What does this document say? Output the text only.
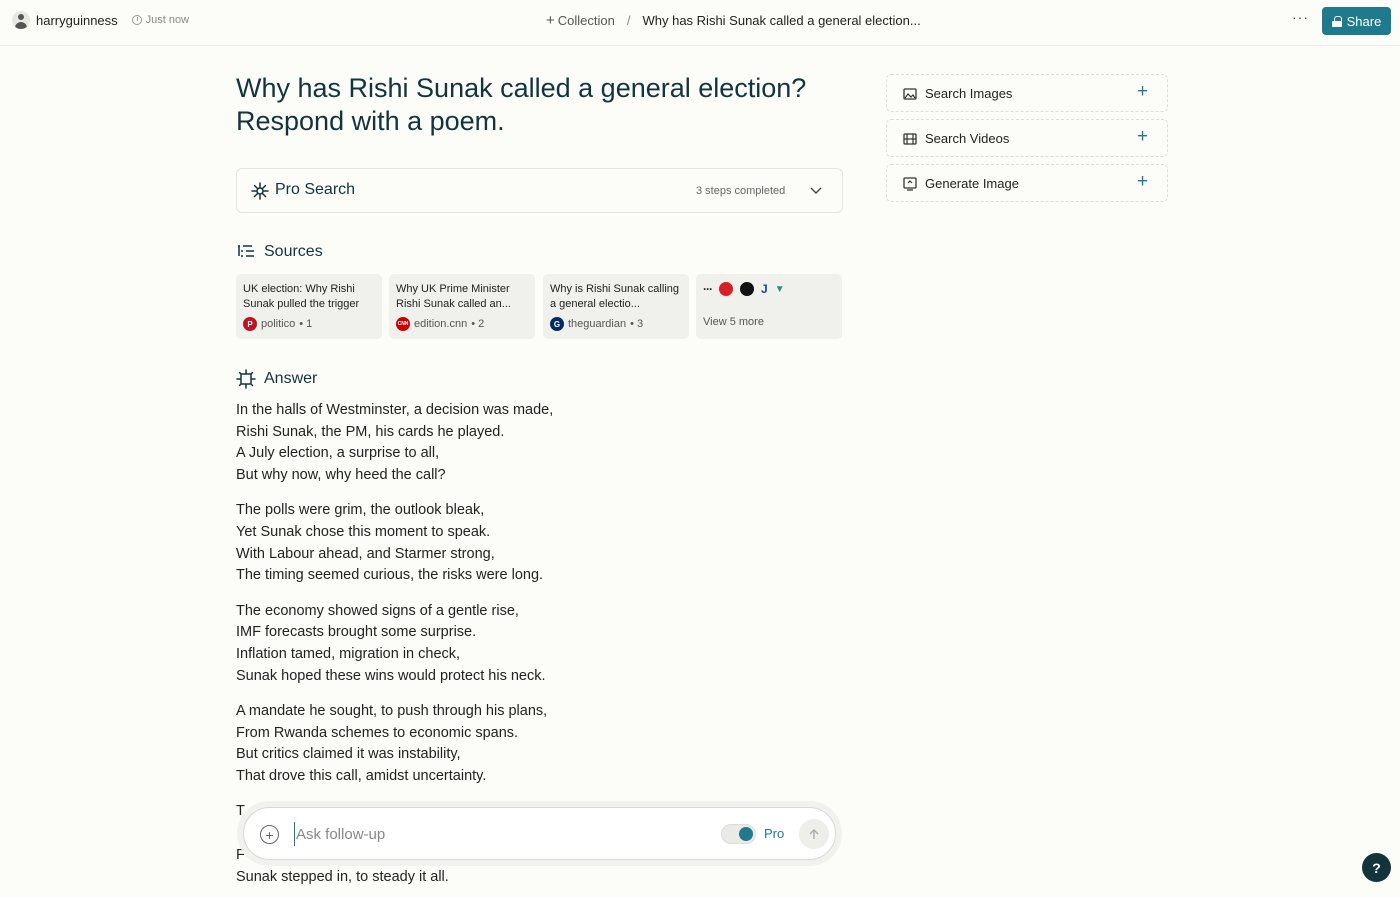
harryguinness	Just now	+ Collection / Why has Rishi Sunak called a general election...	···	Share
Why has Rishi Sunak called a general election? Respond with a poem.
Pro Search	3 steps completed
Sources
UK election: Why Rishi Sunak pulled the trigger
P politico • 1
Why UK Prime Minister Rishi Sunak called an...
CNN edition.cnn • 2
Why is Rishi Sunak calling a general electio...
G theguardian • 3
···	J ▼
View 5 more
Answer
In the halls of Westminster, a decision was made,
Rishi Sunak, the PM, his cards he played.
A July election, a surprise to all,
But why now, why heed the call?
The polls were grim, the outlook bleak,
Yet Sunak chose this moment to speak.
With Labour ahead, and Starmer strong,
The timing seemed curious, the risks were long.
The economy showed signs of a gentle rise,
IMF forecasts brought some surprise.
Inflation tamed, migration in check,
Sunak hoped these wins would protect his neck.
A mandate he sought, to push through his plans,
From Rwanda schemes to economic spans.
But critics claimed it was instability,
That drove this call, amidst uncertainty.
T
F
Sunak stepped in, to steady it all.
Search Images	+
Search Videos	+
Generate Image	+
+
Ask follow-up	Pro
?
